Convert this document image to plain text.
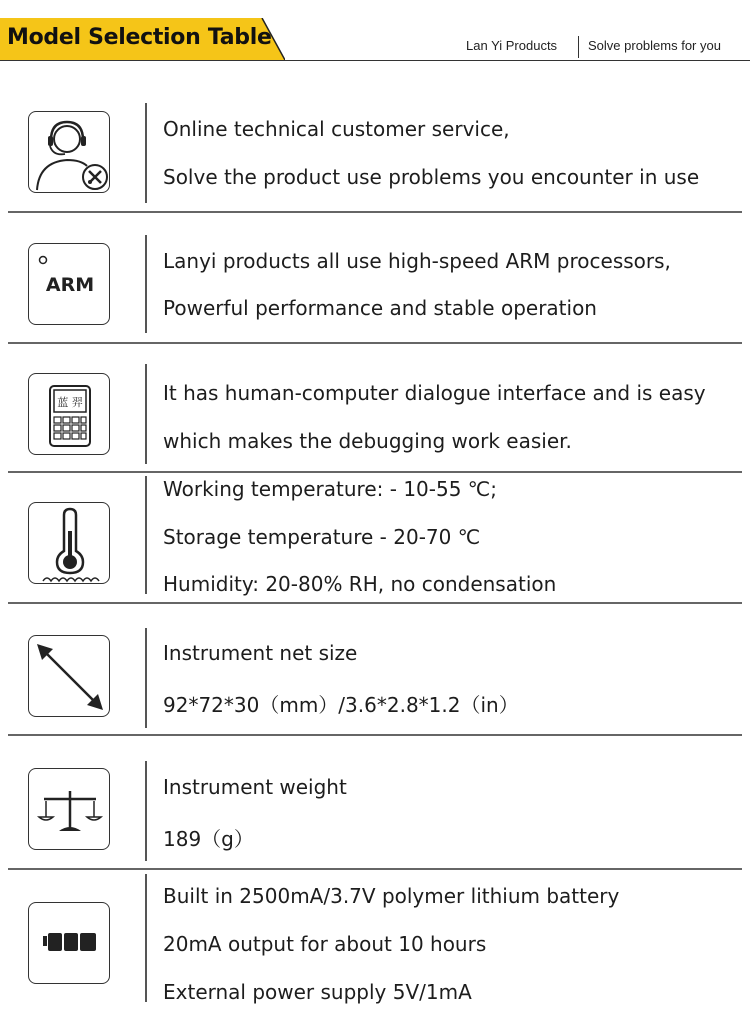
Model Selection Table	Lan Yi Products Solve problems for you
Online technical customer service,
Solve the product use problems you encounter in use
ARM
Lanyi products all use high-speed ARM processors,
Powerful performance and stable operation
蓝 羿	It has human-computer dialogue interface and is easy
which makes the debugging work easier.
Working temperature: - 10-55 ℃;
Storage temperature - 20-70 ℃
Humidity: 20-80% RH, no condensation
Instrument net size
92*72*30（mm）/3.6*2.8*1.2（in）
Instrument weight
189（g）
Built in 2500mA/3.7V polymer lithium battery
20mA output for about 10 hours
External power supply 5V/1mA
